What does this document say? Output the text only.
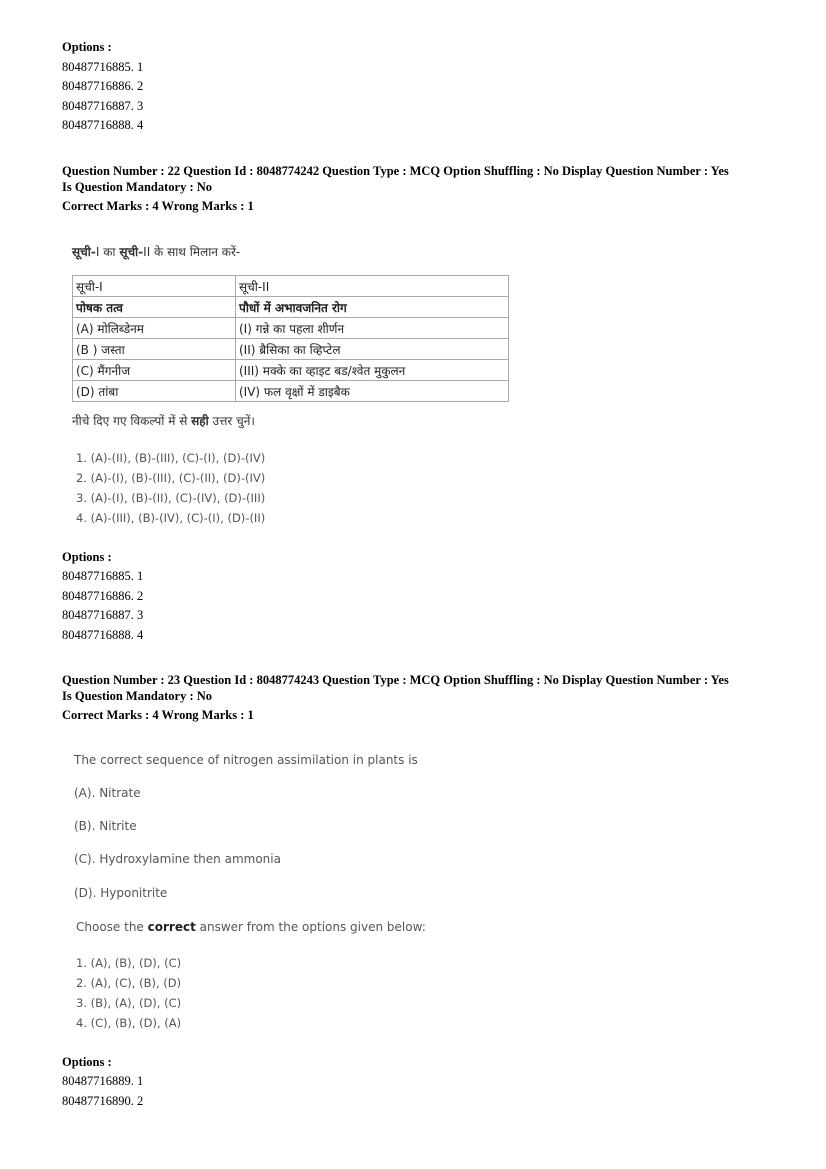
Options :
80487716885. 1
80487716886. 2
80487716887. 3
80487716888. 4
Question Number : 22 Question Id : 8048774242 Question Type : MCQ Option Shuffling : No Display Question Number : Yes
Is Question Mandatory : No
Correct Marks : 4 Wrong Marks : 1
सूची-I का सूची-II के साथ मिलान करें-
सूची-I	सूची-II
पोषक तत्व	पौधों में अभावजनित रोग
(A) मोलिब्डेनम	(I) गन्ने का पहला शीर्णन
(B ) जस्ता	(II) ब्रैसिका का व्हिप्टेल
(C) मैंगनीज	(III) मक्के का व्हाइट बड/श्वेत मुकुलन
(D) तांबा	(IV) फल वृक्षों में डाइबैक
नीचे दिए गए विकल्पों में से सही उत्तर चुनें।
1. (A)-(II), (B)-(III), (C)-(I), (D)-(IV)
2. (A)-(I), (B)-(III), (C)-(II), (D)-(IV)
3. (A)-(I), (B)-(II), (C)-(IV), (D)-(III)
4. (A)-(III), (B)-(IV), (C)-(I), (D)-(II)
Options :
80487716885. 1
80487716886. 2
80487716887. 3
80487716888. 4
Question Number : 23 Question Id : 8048774243 Question Type : MCQ Option Shuffling : No Display Question Number : Yes
Is Question Mandatory : No
Correct Marks : 4 Wrong Marks : 1
The correct sequence of nitrogen assimilation in plants is
(A). Nitrate
(B). Nitrite
(C). Hydroxylamine then ammonia
(D). Hyponitrite
Choose the correct answer from the options given below:
1. (A), (B), (D), (C)
2. (A), (C), (B), (D)
3. (B), (A), (D), (C)
4. (C), (B), (D), (A)
Options :
80487716889. 1
80487716890. 2
